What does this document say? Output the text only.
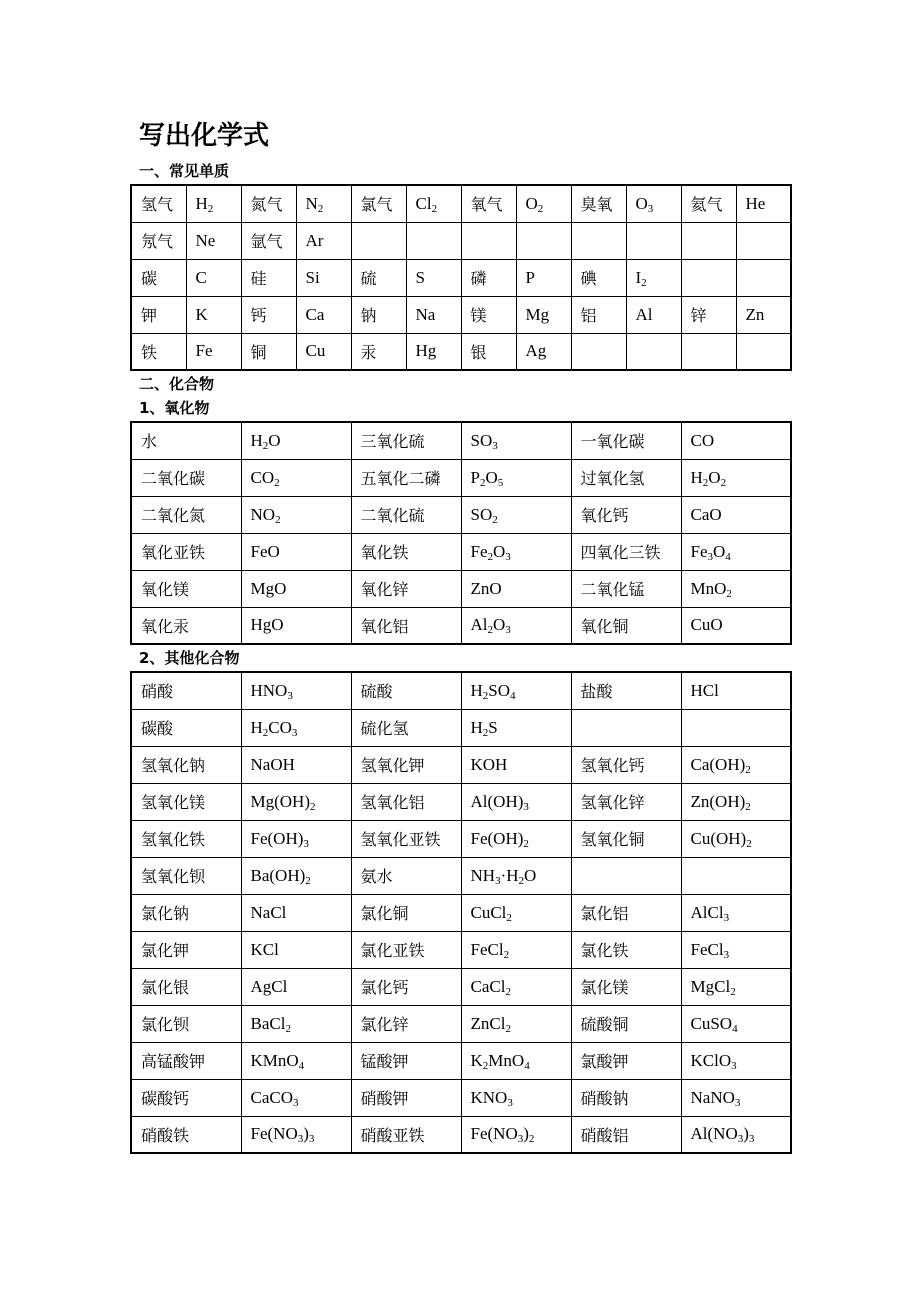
写出化学式
一、常见单质
氢气	$H_2$	氮气	$N_2$	氯气	$Cl_2$	氧气	$O_2$	臭氧	$O_3$	氦气	He
氖气	Ne	氩气	Ar								
碳	C	硅	Si	硫	S	磷	P	碘	$I_2$		
钾	K	钙	Ca	钠	Na	镁	Mg	铝	Al	锌	Zn
铁	Fe	铜	Cu	汞	Hg	银	Ag				
二、化合物
1、氧化物
水	$H_2O$	三氧化硫	$SO_3$	一氧化碳	CO
二氧化碳	$CO_2$	五氧化二磷	$P_2O_5$	过氧化氢	$H_2O_2$
二氧化氮	$NO_2$	二氧化硫	$SO_2$	氧化钙	CaO
氧化亚铁	FeO	氧化铁	$Fe_2O_3$	四氧化三铁	$Fe_3O_4$
氧化镁	MgO	氧化锌	ZnO	二氧化锰	MnO$_2$
氧化汞	HgO	氧化铝	$Al_2O_3$	氧化铜	CuO
2、其他化合物
硝酸	$HNO_3$	硫酸	$H_2SO_4$	盐酸	HCl
碳酸	$H_2CO_3$	硫化氢	$H_2S$		
氢氧化钠	NaOH	氢氧化钾	KOH	氢氧化钙	$Ca(OH)_2$
氢氧化镁	$Mg(OH)_2$	氢氧化铝	$Al(OH)_3$	氢氧化锌	$Zn(OH)_2$
氢氧化铁	$Fe(OH)_3$	氢氧化亚铁	$Fe(OH)_2$	氢氧化铜	$Cu(OH)_2$
氢氧化钡	$Ba(OH)_2$	氨水	$NH_3\cdot H_2O$		
氯化钠	NaCl	氯化铜	CuCl$_2$	氯化铝	AlCl$_3$
氯化钾	KCl	氯化亚铁	FeCl$_2$	氯化铁	FeCl$_3$
氯化银	AgCl	氯化钙	CaCl$_2$	氯化镁	MgCl$_2$
氯化钡	BaCl$_2$	氯化锌	ZnCl$_2$	硫酸铜	CuSO$_4$
高锰酸钾	KMnO$_4$	锰酸钾	$K_2MnO_4$	氯酸钾	KClO$_3$
碳酸钙	CaCO$_3$	硝酸钾	$KNO_3$	硝酸钠	NaNO$_3$
硝酸铁	$Fe(NO_3)_3$	硝酸亚铁	$Fe(NO_3)_2$	硝酸铝	$Al(NO_3)_3$
